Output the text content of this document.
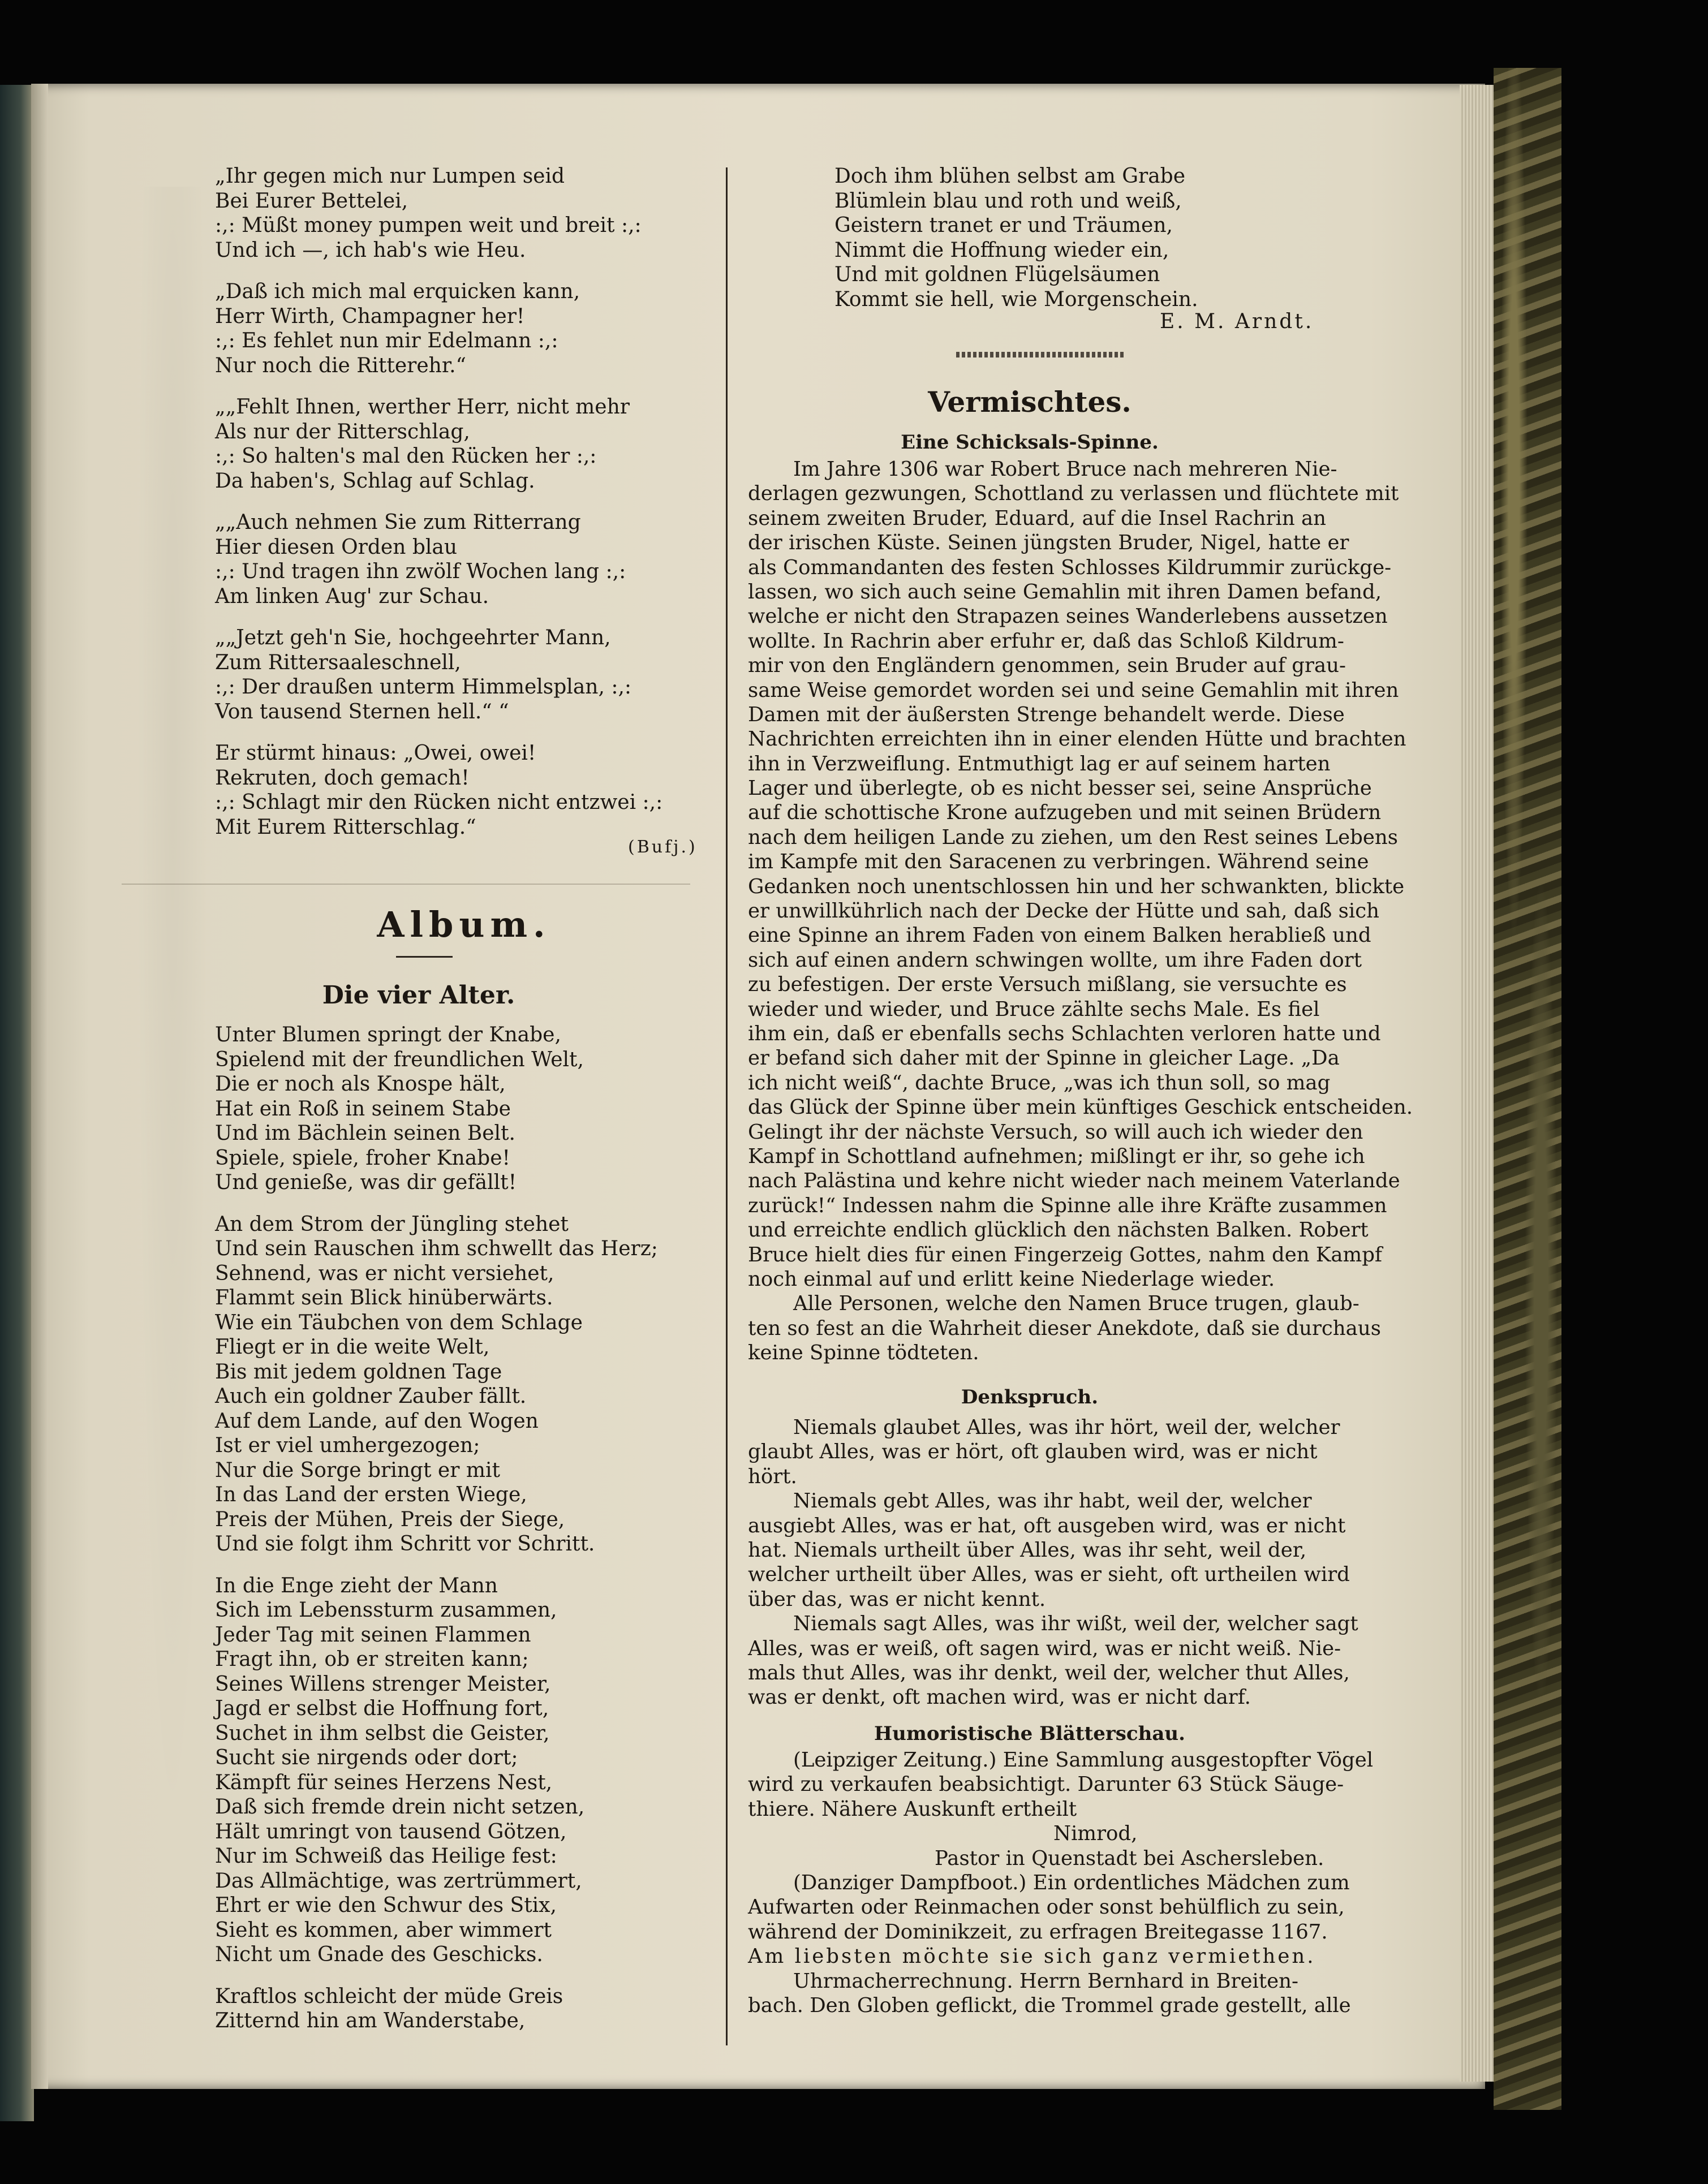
„Ihr gegen mich nur Lumpen seid
Bei Eurer Bettelei,
:,: Müßt money pumpen weit und breit :,:
Und ich —, ich hab's wie Heu.
„Daß ich mich mal erquicken kann,
Herr Wirth, Champagner her!
:,: Es fehlet nun mir Edelmann :,:
Nur noch die Ritterehr.“
„„Fehlt Ihnen, werther Herr, nicht mehr
Als nur der Ritterschlag,
:,: So halten's mal den Rücken her :,:
Da haben's, Schlag auf Schlag.
„„Auch nehmen Sie zum Ritterrang
Hier diesen Orden blau
:,: Und tragen ihn zwölf Wochen lang :,:
Am linken Aug' zur Schau.
„„Jetzt geh'n Sie, hochgeehrter Mann,
Zum Rittersaaleschnell,
:,: Der draußen unterm Himmelsplan, :,:
Von tausend Sternen hell.“ “
Er stürmt hinaus: „Owei, owei!
Rekruten, doch gemach!
:,: Schlagt mir den Rücken nicht entzwei :,:
Mit Eurem Ritterschlag.“
(Bufj.)
Album.
Die vier Alter.
Unter Blumen springt der Knabe,
Spielend mit der freundlichen Welt,
Die er noch als Knospe hält,
Hat ein Roß in seinem Stabe
Und im Bächlein seinen Belt.
Spiele, spiele, froher Knabe!
Und genieße, was dir gefällt!
An dem Strom der Jüngling stehet
Und sein Rauschen ihm schwellt das Herz;
Sehnend, was er nicht versiehet,
Flammt sein Blick hinüberwärts.
Wie ein Täubchen von dem Schlage
Fliegt er in die weite Welt,
Bis mit jedem goldnen Tage
Auch ein goldner Zauber fällt.
Auf dem Lande, auf den Wogen
Ist er viel umhergezogen;
Nur die Sorge bringt er mit
In das Land der ersten Wiege,
Preis der Mühen, Preis der Siege,
Und sie folgt ihm Schritt vor Schritt.
In die Enge zieht der Mann
Sich im Lebenssturm zusammen,
Jeder Tag mit seinen Flammen
Fragt ihn, ob er streiten kann;
Seines Willens strenger Meister,
Jagd er selbst die Hoffnung fort,
Suchet in ihm selbst die Geister,
Sucht sie nirgends oder dort;
Kämpft für seines Herzens Nest,
Daß sich fremde drein nicht setzen,
Hält umringt von tausend Götzen,
Nur im Schweiß das Heilige fest:
Das Allmächtige, was zertrümmert,
Ehrt er wie den Schwur des Stix,
Sieht es kommen, aber wimmert
Nicht um Gnade des Geschicks.
Kraftlos schleicht der müde Greis
Zitternd hin am Wanderstabe,
Doch ihm blühen selbst am Grabe
Blümlein blau und roth und weiß,
Geistern tranet er und Träumen,
Nimmt die Hoffnung wieder ein,
Und mit goldnen Flügelsäumen
Kommt sie hell, wie Morgenschein.
E. M. Arndt.
Vermischtes.
Eine Schicksals-Spinne.
Im Jahre 1306 war Robert Bruce nach mehreren Nie-
derlagen gezwungen, Schottland zu verlassen und flüchtete mit
seinem zweiten Bruder, Eduard, auf die Insel Rachrin an
der irischen Küste. Seinen jüngsten Bruder, Nigel, hatte er
als Commandanten des festen Schlosses Kildrummir zurückge-
lassen, wo sich auch seine Gemahlin mit ihren Damen befand,
welche er nicht den Strapazen seines Wanderlebens aussetzen
wollte. In Rachrin aber erfuhr er, daß das Schloß Kildrum-
mir von den Engländern genommen, sein Bruder auf grau-
same Weise gemordet worden sei und seine Gemahlin mit ihren
Damen mit der äußersten Strenge behandelt werde. Diese
Nachrichten erreichten ihn in einer elenden Hütte und brachten
ihn in Verzweiflung. Entmuthigt lag er auf seinem harten
Lager und überlegte, ob es nicht besser sei, seine Ansprüche
auf die schottische Krone aufzugeben und mit seinen Brüdern
nach dem heiligen Lande zu ziehen, um den Rest seines Lebens
im Kampfe mit den Saracenen zu verbringen. Während seine
Gedanken noch unentschlossen hin und her schwankten, blickte
er unwillkührlich nach der Decke der Hütte und sah, daß sich
eine Spinne an ihrem Faden von einem Balken herabließ und
sich auf einen andern schwingen wollte, um ihre Faden dort
zu befestigen. Der erste Versuch mißlang, sie versuchte es
wieder und wieder, und Bruce zählte sechs Male. Es fiel
ihm ein, daß er ebenfalls sechs Schlachten verloren hatte und
er befand sich daher mit der Spinne in gleicher Lage. „Da
ich nicht weiß“, dachte Bruce, „was ich thun soll, so mag
das Glück der Spinne über mein künftiges Geschick entscheiden.
Gelingt ihr der nächste Versuch, so will auch ich wieder den
Kampf in Schottland aufnehmen; mißlingt er ihr, so gehe ich
nach Palästina und kehre nicht wieder nach meinem Vaterlande
zurück!“ Indessen nahm die Spinne alle ihre Kräfte zusammen
und erreichte endlich glücklich den nächsten Balken. Robert
Bruce hielt dies für einen Fingerzeig Gottes, nahm den Kampf
noch einmal auf und erlitt keine Niederlage wieder.
Alle Personen, welche den Namen Bruce trugen, glaub-
ten so fest an die Wahrheit dieser Anekdote, daß sie durchaus
keine Spinne tödteten.
Denkspruch.
Niemals glaubet Alles, was ihr hört, weil der, welcher
glaubt Alles, was er hört, oft glauben wird, was er nicht
hört.
Niemals gebt Alles, was ihr habt, weil der, welcher
ausgiebt Alles, was er hat, oft ausgeben wird, was er nicht
hat. Niemals urtheilt über Alles, was ihr seht, weil der,
welcher urtheilt über Alles, was er sieht, oft urtheilen wird
über das, was er nicht kennt.
Niemals sagt Alles, was ihr wißt, weil der, welcher sagt
Alles, was er weiß, oft sagen wird, was er nicht weiß. Nie-
mals thut Alles, was ihr denkt, weil der, welcher thut Alles,
was er denkt, oft machen wird, was er nicht darf.
Humoristische Blätterschau.
(Leipziger Zeitung.) Eine Sammlung ausgestopfter Vögel
wird zu verkaufen beabsichtigt. Darunter 63 Stück Säuge-
thiere. Nähere Auskunft ertheilt
Nimrod,
Pastor in Quenstadt bei Aschersleben.
(Danziger Dampfboot.) Ein ordentliches Mädchen zum
Aufwarten oder Reinmachen oder sonst behülflich zu sein,
während der Dominikzeit, zu erfragen Breitegasse 1167.
Am liebsten möchte sie sich ganz vermiethen.
Uhrmacherrechnung. Herrn Bernhard in Breiten-
bach. Den Globen geflickt, die Trommel grade gestellt, alle
